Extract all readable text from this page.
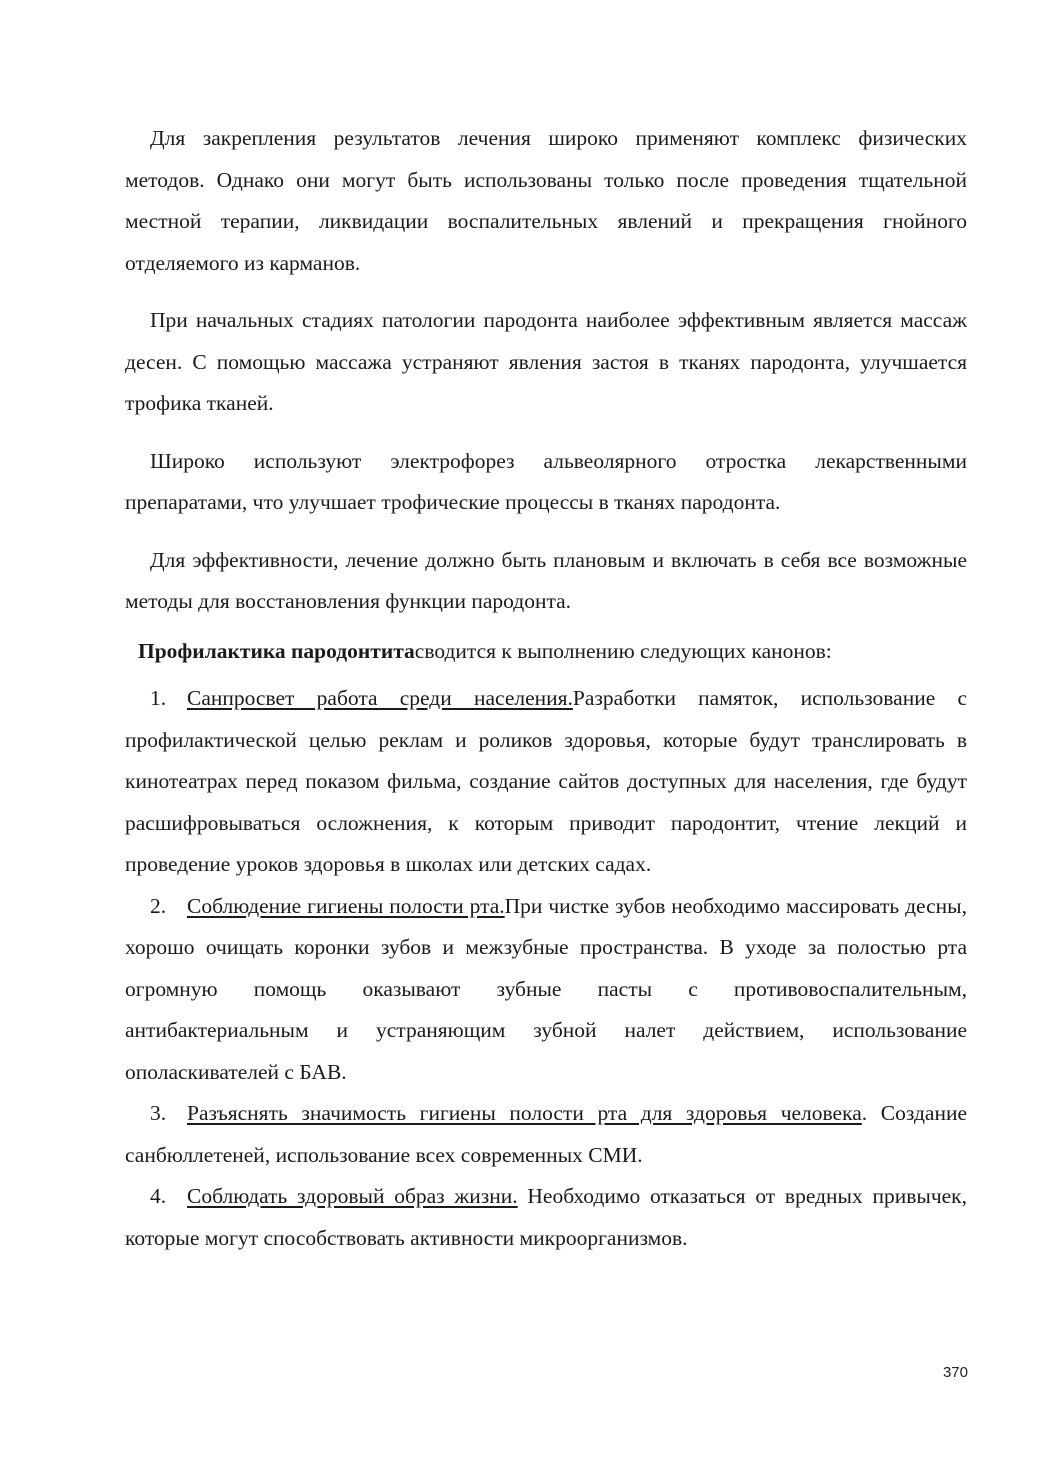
Для закрепления результатов лечения широко применяют комплекс физических методов. Однако они могут быть использованы только после проведения тщательной местной терапии, ликвидации воспалительных явлений и прекращения гнойного отделяемого из карманов.

При начальных стадиях патологии пародонта наиболее эффективным является массаж десен. С помощью массажа устраняют явления застоя в тканях пародонта, улучшается трофика тканей.

Широко используют электрофорез альвеолярного отростка лекарственными препаратами, что улучшает трофические процессы в тканях пародонта.

Для эффективности, лечение должно быть плановым и включать в себя все возможные методы для восстановления функции пародонта.

Профилактика пародонтитасводится к выполнению следующих канонов:

1. Санпросвет работа среди населения.Разработки памяток, использование с профилактической целью реклам и роликов здоровья, которые будут транслировать в кинотеатрах перед показом фильма, создание сайтов доступных для населения, где будут расшифровываться осложнения, к которым приводит пародонтит, чтение лекций и проведение уроков здоровья в школах или детских садах.

2. Соблюдение гигиены полости рта.При чистке зубов необходимо массировать десны, хорошо очищать коронки зубов и межзубные пространства. В уходе за полостью рта огромную помощь оказывают зубные пасты с противовоспалительным, антибактериальным и устраняющим зубной налет действием, использование ополаскивателей с БАВ.

3. Разъяснять значимость гигиены полости рта для здоровья человека. Создание санбюллетеней, использование всех современных СМИ.

4. Соблюдать здоровый образ жизни. Необходимо отказаться от вредных привычек, которые могут способствовать активности микроорганизмов.

370
